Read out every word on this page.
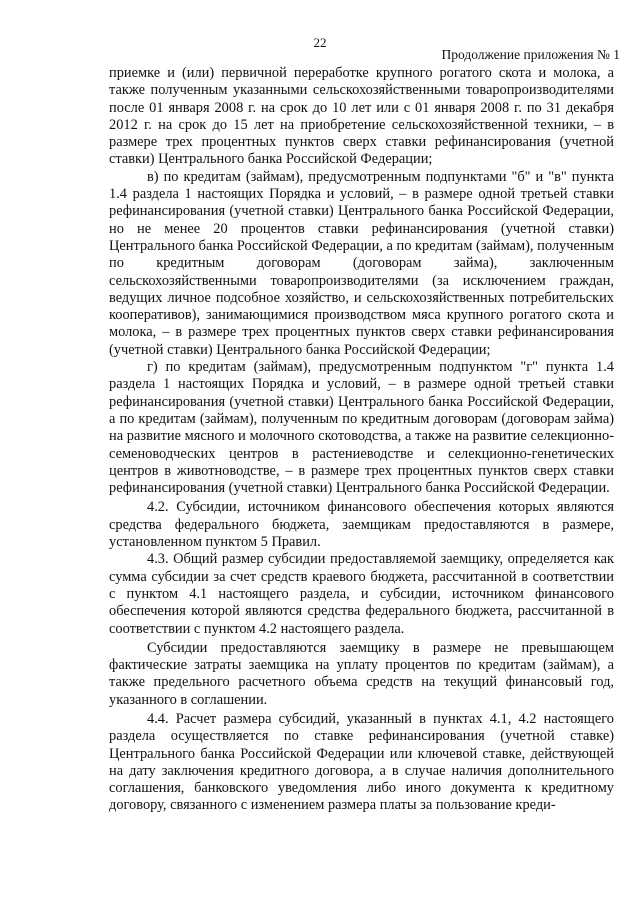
22
Продолжение приложения № 1

приемке и (или) первичной переработке крупного рогатого скота и молока, а также полученным указанными сельскохозяйственными товаропроизводителями после 01 января 2008 г. на срок до 10 лет или с 01 января 2008 г. по 31 декабря 2012 г. на срок до 15 лет на приобретение сельскохозяйственной техники, – в размере трех процентных пунктов сверх ставки рефинансирования (учетной ставки) Центрального банка Российской Федерации;

в) по кредитам (займам), предусмотренным подпунктами "б" и "в" пункта 1.4 раздела 1 настоящих Порядка и условий, – в размере одной третьей ставки рефинансирования (учетной ставки) Центрального банка Российской Федерации, но не менее 20 процентов ставки рефинансирования (учетной ставки) Центрального банка Российской Федерации, а по кредитам (займам), полученным по кредитным договорам (договорам займа), заключенным сельскохозяйственными товаропроизводителями (за исключением граждан, ведущих личное подсобное хозяйство, и сельскохозяйственных потребительских кооперативов), занимающимися производством мяса крупного рогатого скота и молока, – в размере трех процентных пунктов сверх ставки рефинансирования (учетной ставки) Центрального банка Российской Федерации;

г) по кредитам (займам), предусмотренным подпунктом "г" пункта 1.4 раздела 1 настоящих Порядка и условий, – в размере одной третьей ставки рефинансирования (учетной ставки) Центрального банка Российской Федерации, а по кредитам (займам), полученным по кредитным договорам (договорам займа) на развитие мясного и молочного скотоводства, а также на развитие селекционно-семеноводческих центров в растениеводстве и селекционно-генетических центров в животноводстве, – в размере трех процентных пунктов сверх ставки рефинансирования (учетной ставки) Центрального банка Российской Федерации.

4.2. Субсидии, источником финансового обеспечения которых являются средства федерального бюджета, заемщикам предоставляются в размере, установленном пунктом 5 Правил.

4.3. Общий размер субсидии предоставляемой заемщику, определяется как сумма субсидии за счет средств краевого бюджета, рассчитанной в соответствии с пунктом 4.1 настоящего раздела, и субсидии, источником финансового обеспечения которой являются средства федерального бюджета, рассчитанной в соответствии с пунктом 4.2 настоящего раздела.

Субсидии предоставляются заемщику в размере не превышающем фактические затраты заемщика на уплату процентов по кредитам (займам), а также предельного расчетного объема средств на текущий финансовый год, указанного в соглашении.

4.4. Расчет размера субсидий, указанный в пунктах 4.1, 4.2 настоящего раздела осуществляется по ставке рефинансирования (учетной ставке) Центрального банка Российской Федерации или ключевой ставке, действующей на дату заключения кредитного договора, а в случае наличия дополнительного соглашения, банковского уведомления либо иного документа к кредитному договору, связанного с изменением размера платы за пользование креди-
